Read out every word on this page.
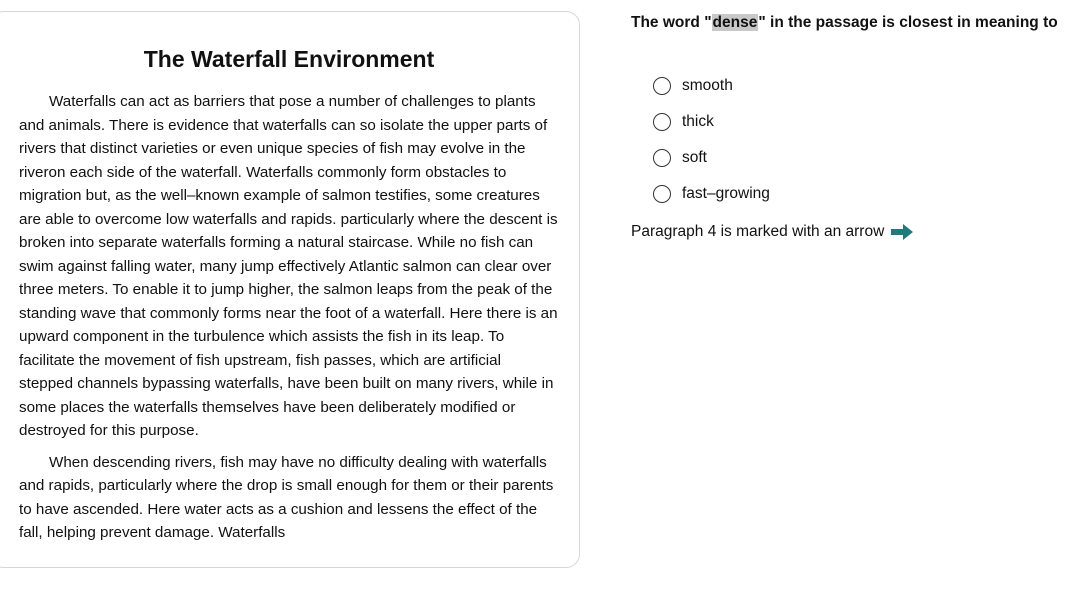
The Waterfall Environment

Waterfalls can act as barriers that pose a number of challenges to plants and animals. There is evidence that waterfalls can so isolate the upper parts of rivers that distinct varieties or even unique species of fish may evolve in the riveron each side of the waterfall. Waterfalls commonly form obstacles to migration but, as the well–known example of salmon testifies, some creatures are able to overcome low waterfalls and rapids. particularly where the descent is broken into separate waterfalls forming a natural staircase. While no fish can swim against falling water, many jump effectively Atlantic salmon can clear over three meters. To enable it to jump higher, the salmon leaps from the peak of the standing wave that commonly forms near the foot of a waterfall. Here there is an upward component in the turbulence which assists the fish in its leap. To facilitate the movement of fish upstream, fish passes, which are artificial stepped channels bypassing waterfalls, have been built on many rivers, while in some places the waterfalls themselves have been deliberately modified or destroyed for this purpose.

When descending rivers, fish may have no difficulty dealing with waterfalls and rapids, particularly where the drop is small enough for them or their parents to have ascended. Here water acts as a cushion and lessens the effect of the fall, helping prevent damage. Waterfalls

The word "dense" in the passage is closest in meaning to
smooth
thick
soft
fast–growing
Paragraph 4 is marked with an arrow
